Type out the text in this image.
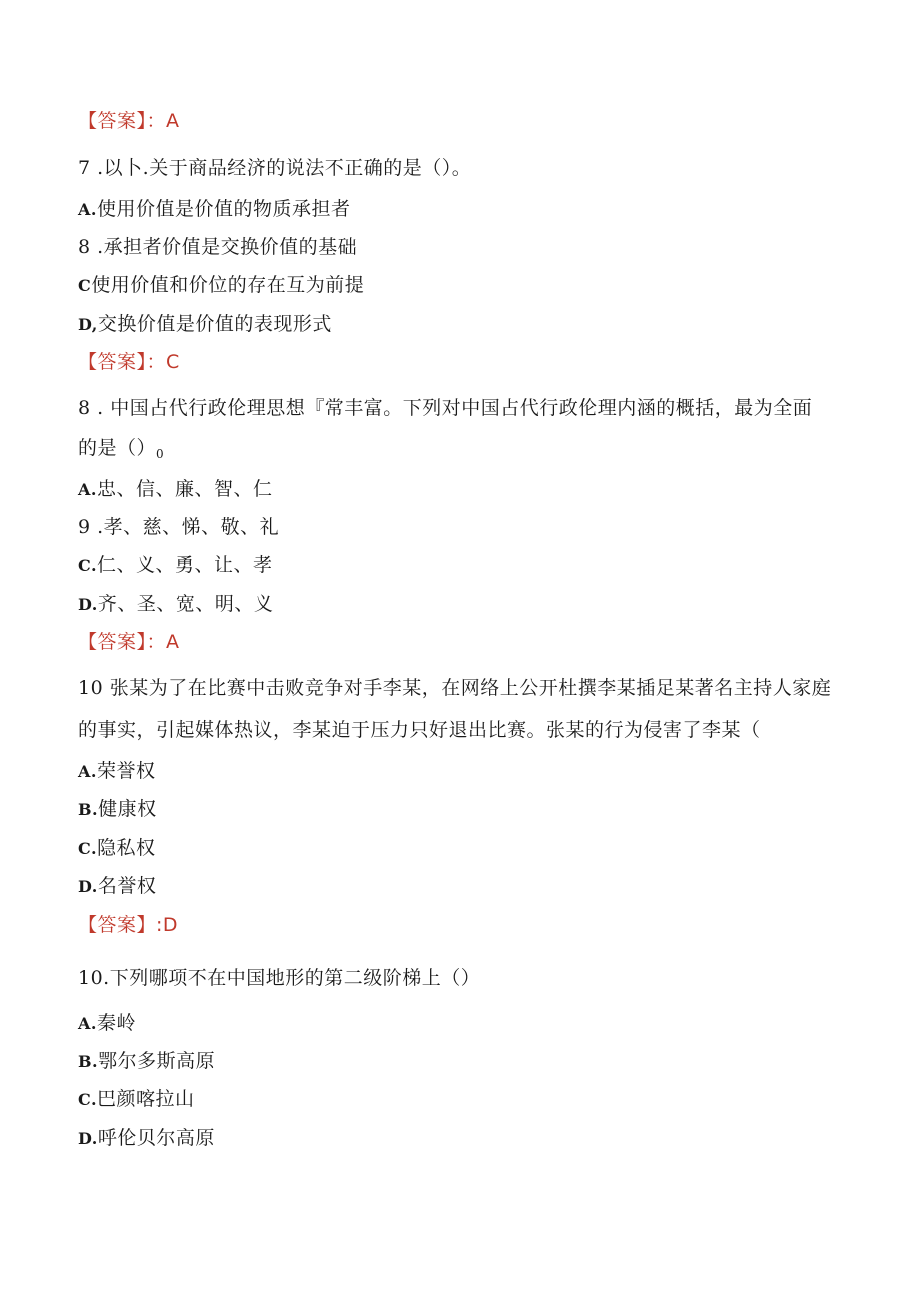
【答案】：A
7 .以卜.关于商品经济的说法不正确的是（）。
A.使用价值是价值的物质承担者
8 .承担者价值是交换价值的基础
C使用价值和价位的存在互为前提
D,交换价值是价值的表现形式
【答案】：C
8 . 中国占代行政伦理思想『常丰富。下列对中国占代行政伦理内涵的概括，最为全面
的是$()_0$
A.忠、信、廉、智、仁
9 .孝、慈、悌、敬、礼
C.仁、义、勇、让、孝
D.齐、圣、宽、明、义
【答案】：A
10 张某为了在比赛中击败竞争对手李某，在网络上公开杜撰李某插足某著名主持人家庭
的事实，引起媒体热议，李某迫于压力只好退出比赛。张某的行为侵害了李某（
A.荣誉权
B.健康权
C.隐私权
D.名誉权
【答案】:D
10.下列哪项不在中国地形的第二级阶梯上（）
A.秦岭
B.鄂尔多斯高原
C.巴颜喀拉山
D.呼伦贝尔高原
